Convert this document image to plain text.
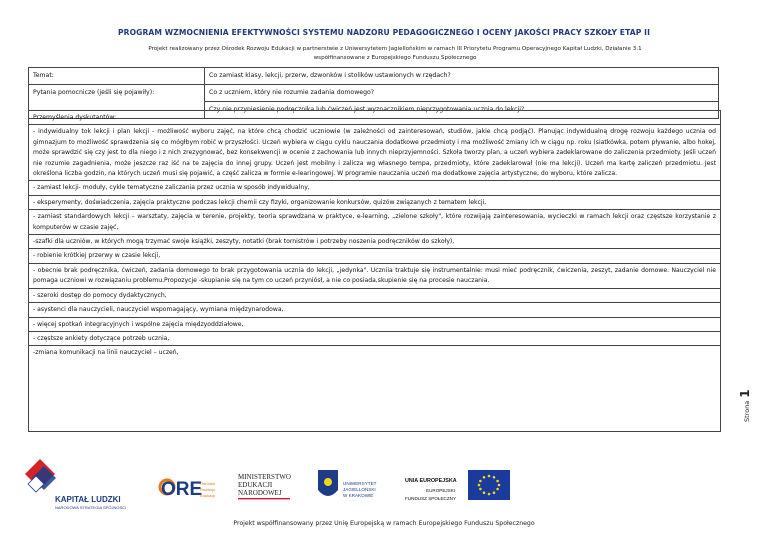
PROGRAM WZMOCNIENIA EFEKTYWNOŚCI SYSTEMU NADZORU PEDAGOGICZNEGO I OCENY JAKOŚCI PRACY SZKOŁY ETAP II
Projekt realizowany przez Ośrodek Rozwoju Edukacji w partnerstwie z Uniwersytetem Jagiellońskim w ramach III Priorytetu Programu Operacyjnego Kapitał Ludzki, Działanie 3.1
współfinansowane z Europejskiego Funduszu Społecznego
Temat:	Co zamiast klasy, lekcji, przerw, dzwonków i stolików ustawionych w rzędach?
Pytania pomocnicze (jeśli się pojawiły):	Co z uczniem, który nie rozumie zadania domowego?
Czy nie przyniesienie podręcznika lub ćwiczeń jest wyznacznikiem nieprzygotowania ucznia do lekcji?
Przemyślenia dyskutantów:
- indywidualny tok lekcji i plan lekcji - możliwość wyboru zajęć, na które chcą chodzić uczniowie (w zależności od zainteresowań, studiów, jakie chcą podjąć). Planując indywidualną drogę rozwoju każdego ucznia od gimnazjum to możliwość sprawdzenia się co mógłbym robić w przyszłości. Uczeń wybiera w ciągu cyklu nauczania dodatkowe przedmioty i ma możliwość zmiany ich w ciągu np. roku (siatkówka, potem pływanie, albo hokej, może sprawdzić się czy jest to dla niego i z nich zrezygnować, bez konsekwencji w ocenie z zachowania lub innych nieprzyjemności. Szkoła tworzy plan, a uczeń wybiera zadeklarowane do zaliczenia przedmioty. Jeśli uczeń nie rozumie zagadnienia, może jeszcze raz iść na te zajęcia do innej grupy. Uczeń jest mobilny i zalicza wg własnego tempa, przedmioty, które zadeklarował (nie ma lekcji). Uczeń ma kartę zaliczeń przedmiotu. Jest określona liczba godzin, na których uczeń musi się pojawić, a część zalicza w formie e-learingowej. W programie nauczania uczeń ma dodatkowe zajęcia artystyczne, do wyboru, które zalicza.
- zamiast lekcji- moduły, cykle tematyczne zaliczania przez ucznia w sposób indywidualny,
- eksperymenty, doświadczenia, zajęcia praktyczne podczas lekcji chemii czy fizyki, organizowanie konkursów, quizów związanych z tematem lekcji,
- zamiast standardowych lekcji – warsztaty, zajęcia w terenie, projekty, teoria sprawdzana w praktyce, e-learning, „zielone szkoły", które rozwijają zainteresowania, wycieczki w ramach lekcji oraz częstsze korzystanie z komputerów w czasie zajęć,
-szafki dla uczniów, w których mogą trzymać swoje książki, zeszyty, notatki (brak tornistrów i potrzeby noszenia podręczników do szkoły),
- robienie krótkiej przerwy w czasie lekcji,
- obecnie brak podręcznika, ćwiczeń, zadania domowego to brak przygotowania ucznia do lekcji, „jedynka". Uczniia traktuje się instrumentalnie: musi mieć podręcznik, ćwiczenia, zeszyt, zadanie domowe. Nauczyciel nie pomaga uczniowi w rozwiązaniu problemu.Propozycje -skupianie się na tym co uczeń przyniósł, a nie co posiada,skupienie się na procesie nauczania.
- szeroki dostęp do pomocy dydaktycznych,
- asystenci dla nauczycieli, nauczyciel wspomagający, wymiana międzynarodowa,
- więcej spotkań integracyjnych i wspólne zajęcia międzyoddziałowe,
- częstsze ankiety dotyczące potrzeb ucznia,
-zmiana komunikacji na linii nauczyciel – uczeń,
Strona1
KAPITAŁ LUDZKI
NARODOWA STRATEGIA SPÓJNOŚCI
ORE
Ośrodek
Rozwoju
Edukacji
MINISTERSTWO
EDUKACJI
NARODOWEJ
UNIWERSYTET
JAGIELLOŃSKI
W KRAKOWIE
UNIA EUROPEJSKA
EUROPEJSKI
FUNDUSZ SPOŁECZNY
Projekt współfinansowany przez Unię Europejską w ramach Europejskiego Funduszu Społecznego
